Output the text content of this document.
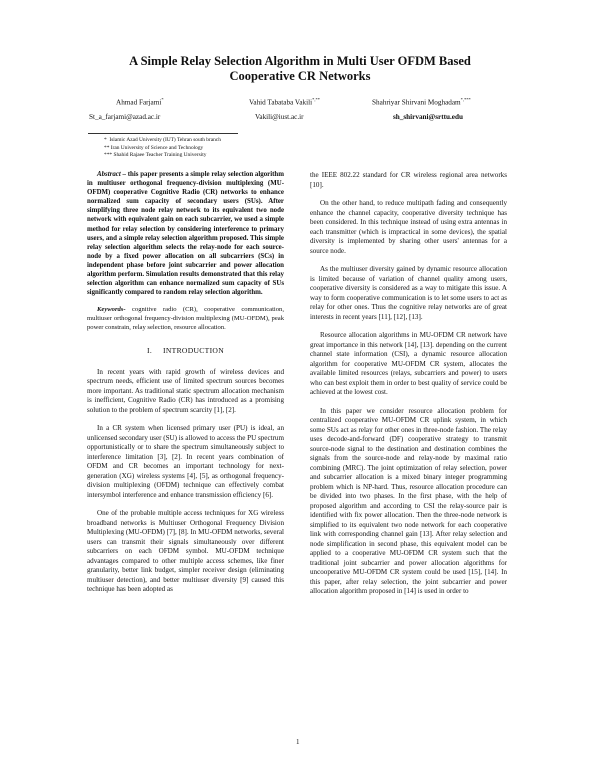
A Simple Relay Selection Algorithm in Multi User OFDM Based
Cooperative CR Networks
Ahmad Farjami*	Vahid Tabataba Vakili*,**	Shahriyar Shirvani Moghadam*,***
St_a_farjami@azad.ac.ir	Vakili@iust.ac.ir	sh_shirvani@srttu.edu
* Islamic Azad University (IUT) Tehran south branch
** Iran University of Science and Technology
*** Shahid Rajaee Teacher Training University

Abstract – this paper presents a simple relay selection algorithm in multiuser orthogonal frequency-division multiplexing (MU-OFDM) cooperative Cognitive Radio (CR) networks to enhance normalized sum capacity of secondary users (SUs). After simplifying three node relay network to its equivalent two node network with equivalent gain on each subcarrier, we used a simple method for relay selection by considering interference to primary users, and a simple relay selection algorithm proposed. This simple relay selection algorithm selects the relay-node for each source-node by a fixed power allocation on all subcarriers (SCs) in independent phase before joint subcarrier and power allocation algorithm perform. Simulation results demonstrated that this relay selection algorithm can enhance normalized sum capacity of SUs significantly compared to random relay selection algorithm.

Keywords- cognitive radio (CR), cooperative communication, multiuser orthogonal frequency-division multiplexing (MU-OFDM), peak power constrain, relay selection, resource allocation.

I.     INTRODUCTION

In recent years with rapid growth of wireless devices and spectrum needs, efficient use of limited spectrum sources becomes more important. As traditional static spectrum allocation mechanism is inefficient, Cognitive Radio (CR) has introduced as a promising solution to the problem of spectrum scarcity [1], [2].

In a CR system when licensed primary user (PU) is ideal, an unlicensed secondary user (SU) is allowed to access the PU spectrum opportunistically or to share the spectrum simultaneously subject to interference limitation [3], [2]. In recent years combination of OFDM and CR becomes an important technology for next-generation (XG) wireless systems [4], [5], as orthogonal frequency-division multiplexing (OFDM) technique can effectively combat intersymbol interference and enhance transmission efficiency [6].

One of the probable multiple access techniques for XG wireless broadband networks is Multiuser Orthogonal Frequency Division Multiplexing (MU-OFDM) [7], [8]. In MU-OFDM networks, several users can transmit their signals simultaneously over different subcarriers on each OFDM symbol. MU-OFDM technique advantages compared to other multiple access schemes, like finer granularity, better link budget, simpler receiver design (eliminating multiuser detection), and better multiuser diversity [9] caused this technique has been adopted as

the IEEE 802.22 standard for CR wireless regional area networks [10].

On the other hand, to reduce multipath fading and consequently enhance the channel capacity, cooperative diversity technique has been considered. In this technique instead of using extra antennas in each transmitter (which is impractical in some devices), the spatial diversity is implemented by sharing other users' antennas for a source node.

As the multiuser diversity gained by dynamic resource allocation is limited because of variation of channel quality among users, cooperative diversity is considered as a way to mitigate this issue. A way to form cooperative communication is to let some users to act as relay for other ones. Thus the cognitive relay networks are of great interests in recent years [11], [12], [13].

Resource allocation algorithms in MU-OFDM CR network have great importance in this network [14], [13]. depending on the current channel state information (CSI), a dynamic resource allocation algorithm for cooperative MU-OFDM CR system, allocates the available limited resources (relays, subcarriers and power) to users who can best exploit them in order to best quality of service could be achieved at the lowest cost.

In this paper we consider resource allocation problem for centralized cooperative MU-OFDM CR uplink system, in which some SUs act as relay for other ones in three-node fashion. The relay uses decode-and-forward (DF) cooperative strategy to transmit source-node signal to the destination and destination combines the signals from the source-node and relay-node by maximal ratio combining (MRC). The joint optimization of relay selection, power and subcarrier allocation is a mixed binary integer programming problem which is NP-hard. Thus, resource allocation procedure can be divided into two phases. In the first phase, with the help of proposed algorithm and according to CSI the relay-source pair is identified with fix power allocation. Then the three-node network is simplified to its equivalent two node network for each cooperative link with corresponding channel gain [13]. After relay selection and node simplification in second phase, this equivalent model can be applied to a cooperative MU-OFDM CR system such that the traditional joint subcarrier and power allocation algorithms for uncooperative MU-OFDM CR system could be used [15], [14]. In this paper, after relay selection, the joint subcarrier and power allocation algorithm proposed in [14] is used in order to

1
